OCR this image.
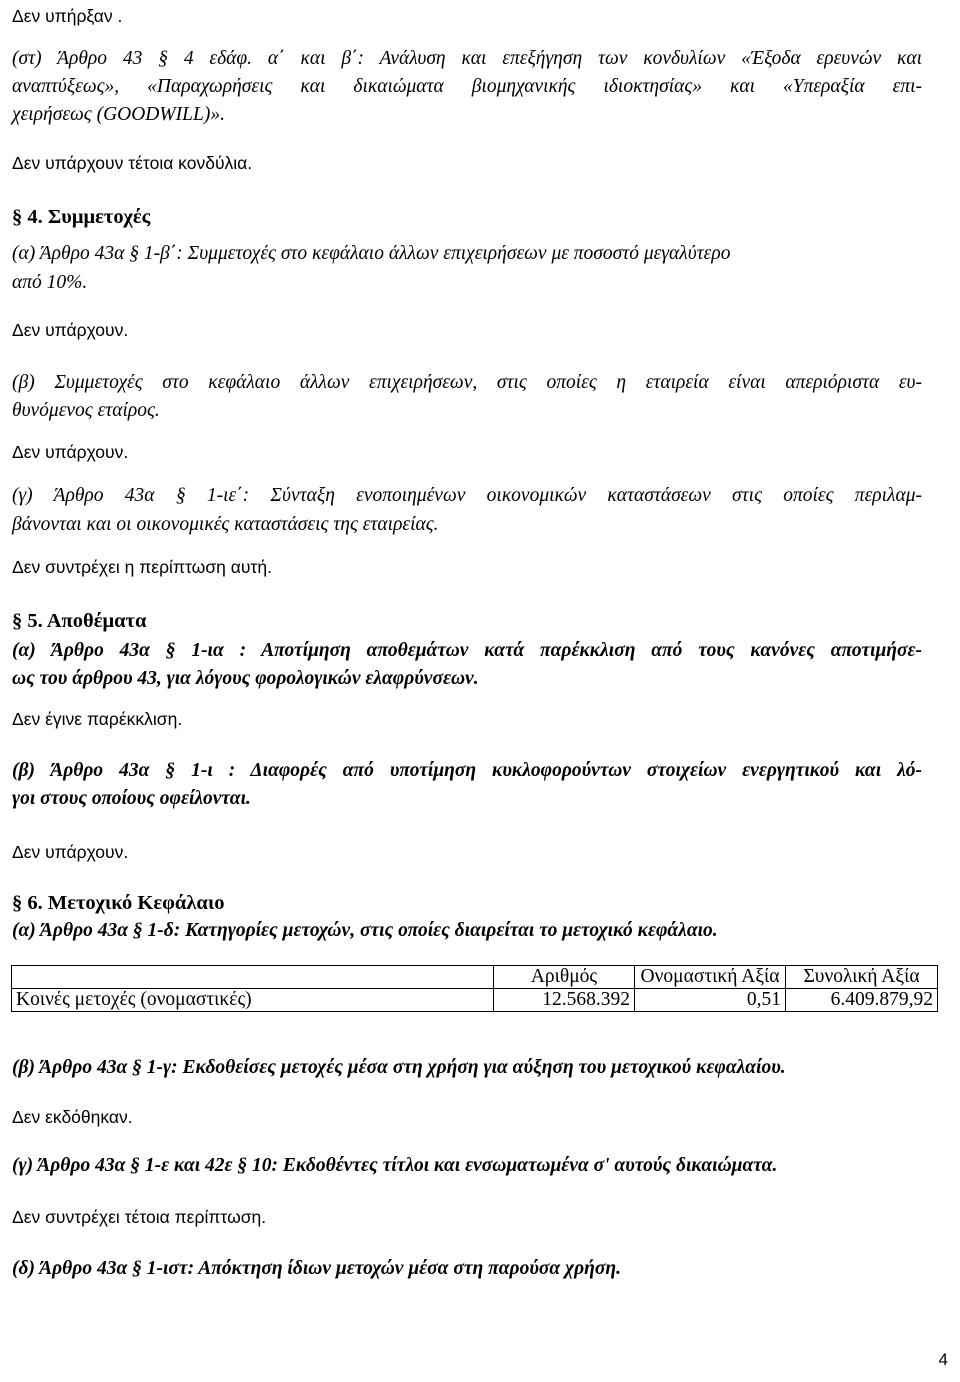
Δεν υπήρξαν .
(στ) Άρθρο 43 § 4 εδάφ. α΄ και β΄: Ανάλυση και επεξήγηση των κονδυλίων «Έξοδα ερευνών και
αναπτύξεως», «Παραχωρήσεις και δικαιώματα βιομηχανικής ιδιοκτησίας» και «Υπεραξία επι-
χειρήσεως (GOODWILL)».
Δεν υπάρχουν τέτοια κονδύλια.
§ 4. Συμμετοχές
(α) Άρθρο 43α § 1-β΄: Συμμετοχές στο κεφάλαιο άλλων επιχειρήσεων με ποσοστό μεγαλύτερο
από 10%.
Δεν υπάρχουν.
(β) Συμμετοχές στο κεφάλαιο άλλων επιχειρήσεων, στις οποίες η εταιρεία είναι απεριόριστα ευ-
θυνόμενος εταίρος.
Δεν υπάρχουν.
(γ) Άρθρο 43α § 1-ιε΄: Σύνταξη ενοποιημένων οικονομικών καταστάσεων στις οποίες περιλαμ-
βάνονται και οι οικονομικές καταστάσεις της εταιρείας.
Δεν συντρέχει η περίπτωση αυτή.
§ 5. Αποθέματα
(α) Άρθρο 43α § 1-ια : Αποτίμηση αποθεμάτων κατά παρέκκλιση από τους κανόνες αποτιμήσε-
ως του άρθρου 43, για λόγους φορολογικών ελαφρύνσεων.
Δεν έγινε παρέκκλιση.
(β) Άρθρο 43α § 1-ι : Διαφορές από υποτίμηση κυκλοφορούντων στοιχείων ενεργητικού και λό-
γοι στους οποίους οφείλονται.
Δεν υπάρχουν.
§ 6. Μετοχικό Κεφάλαιο
(α) Άρθρο 43α § 1-δ: Κατηγορίες μετοχών, στις οποίες διαιρείται το μετοχικό κεφάλαιο.
	Αριθμός	Ονομαστική Αξία	Συνολική Αξία
Κοινές μετοχές (ονομαστικές)	12.568.392	0,51	6.409.879,92
(β) Άρθρο 43α § 1-γ: Εκδοθείσες μετοχές μέσα στη χρήση για αύξηση του μετοχικού κεφαλαίου.
Δεν εκδόθηκαν.
(γ) Άρθρο 43α § 1-ε και 42ε § 10: Εκδοθέντες τίτλοι και ενσωματωμένα σ' αυτούς δικαιώματα.
Δεν συντρέχει τέτοια περίπτωση.
(δ) Άρθρο 43α § 1-ιστ: Απόκτηση ίδιων μετοχών μέσα στη παρούσα χρήση.
4
